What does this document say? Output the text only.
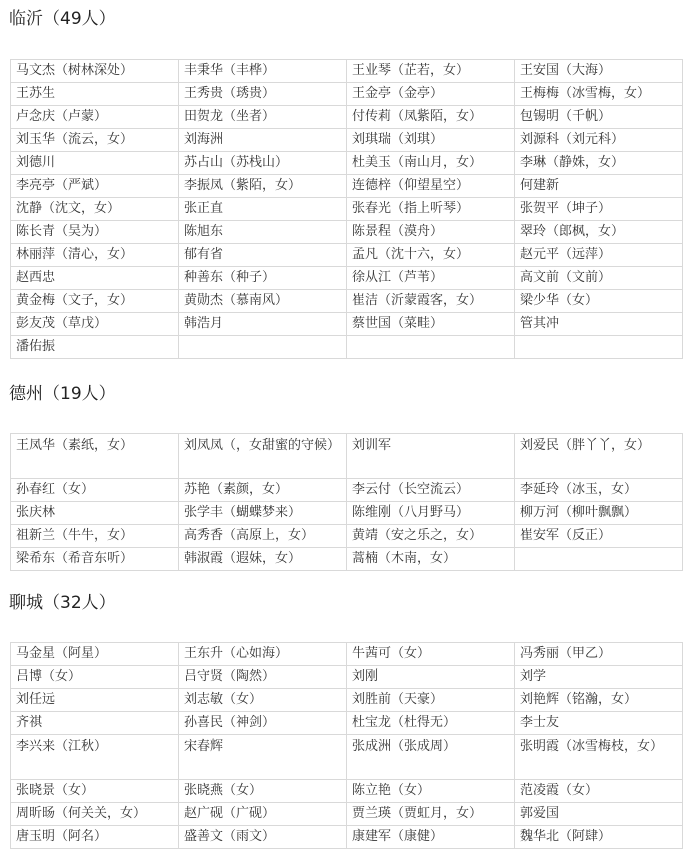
临沂（49人）
马文杰（树林深处）	丰秉华（丰桦）	王业琴（芷若，女）	王安国（大海）
王苏生	王秀贵（琇贵）	王金亭（金亭）	王梅梅（冰雪梅，女）
卢念庆（卢蒙）	田贺龙（坐者）	付传莉（凤紫陌，女）	包锡明（千帆）
刘玉华（流云，女）	刘海洲	刘琪瑞（刘琪）	刘源科（刘元科）
刘德川	苏占山（苏栈山）	杜美玉（南山月，女）	李琳（静姝，女）
李亮亭（严斌）	李振凤（紫陌，女）	连德梓（仰望星空）	何建新
沈静（沈文，女）	张正直	张春光（指上听琴）	张贺平（坤子）
陈长青（吴为）	陈旭东	陈景程（漠舟）	翠玲（郎枫，女）
林丽萍（清心，女）	郁有省	孟凡（沈十六，女）	赵元平（远萍）
赵西忠	种善东（种子）	徐从江（芦苇）	高文前（文前）
黄金梅（文子，女）	黄勋杰（慕南风）	崔洁（沂蒙霞客，女）	梁少华（女）
彭友茂（草戊）	韩浩月	蔡世国（菜畦）	管其冲
潘佑振			
德州（19人）
王凤华（素纸，女）	刘凤凤（，女甜蜜的守候）	刘训军	刘爱民（胖丫丫，女）
孙春红（女）	苏艳（素颜，女）	李云付（长空流云）	李延玲（冰玉，女）
张庆林	张学丰（蝴蝶梦来）	陈维刚（八月野马）	柳万河（柳叶飘飘）
祖新兰（牛牛，女）	高秀香（高原上，女）	黄靖（安之乐之，女）	崔安军（反正）
梁希东（希音东听）	韩淑霞（遐妹，女）	蒿楠（木南，女）	
聊城（32人）
马金星（阿星）	王东升（心如海）	牛茜可（女）	冯秀丽（甲乙）
吕博（女）	吕守贤（陶然）	刘刚	刘学
刘任远	刘志敏（女）	刘胜前（天豪）	刘艳辉（铭瀚，女）
齐祺	孙喜民（神剑）	杜宝龙（杜得无）	李士友
李兴来（江秋）	宋春辉	张成洲（张成周）	张明霞（冰雪梅枝，女）
张晓景（女）	张晓燕（女）	陈立艳（女）	范凌霞（女）
周昕旸（何关关，女）	赵广砚（广砚）	贾兰瑛（贾虹月，女）	郭爱国
唐玉明（阿名）	盛善文（雨文）	康建军（康健）	魏华北（阿肆）
